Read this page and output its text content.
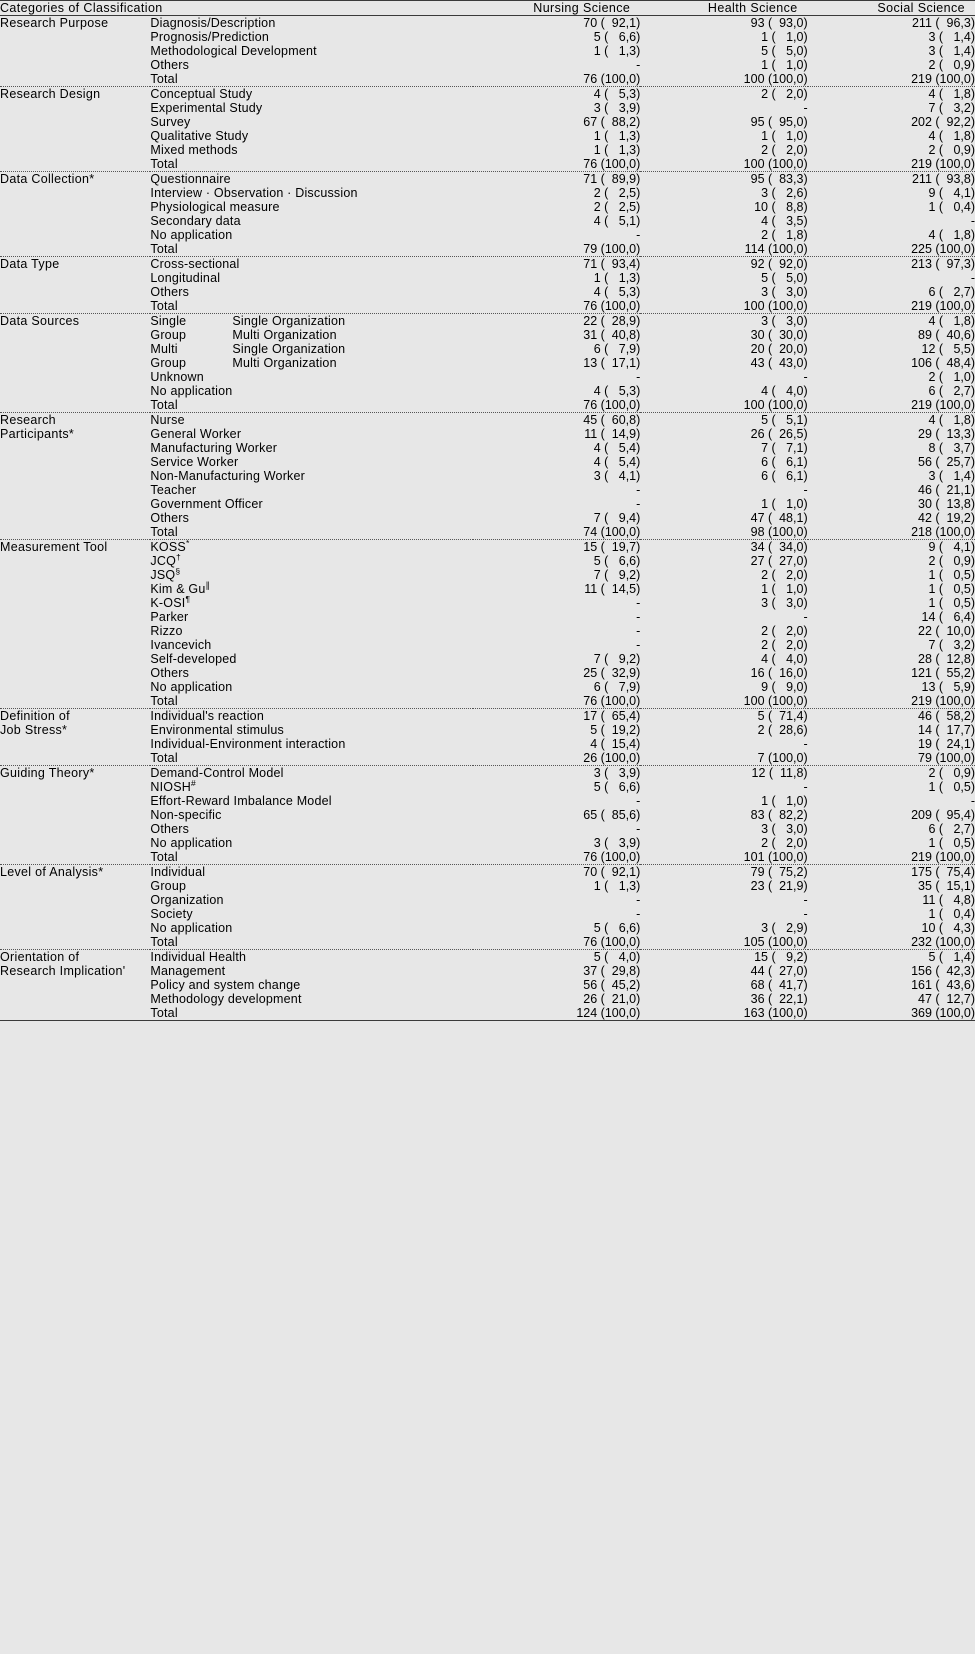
Categories of Classification		Nursing Science	Health Science	Social Science
Research Purpose	Diagnosis/Description	70 (  92,1)	93 (  93,0)	211 (  96,3)
	Prognosis/Prediction	5 (   6,6)	1 (   1,0)	3 (   1,4)
	Methodological Development	1 (   1,3)	5 (   5,0)	3 (   1,4)
	Others	-	1 (   1,0)	2 (   0,9)
	Total	76 (100,0)	100 (100,0)	219 (100,0)
Research Design	Conceptual Study	4 (   5,3)	2 (   2,0)	4 (   1,8)
	Experimental Study	3 (   3,9)	-	7 (   3,2)
	Survey	67 (  88,2)	95 (  95,0)	202 (  92,2)
	Qualitative Study	1 (   1,3)	1 (   1,0)	4 (   1,8)
	Mixed methods	1 (   1,3)	2 (   2,0)	2 (   0,9)
	Total	76 (100,0)	100 (100,0)	219 (100,0)
Data Collection*	Questionnaire	71 (  89,9)	95 (  83,3)	211 (  93,8)
	Interview · Observation · Discussion	2 (   2,5)	3 (   2,6)	9 (   4,1)
	Physiological measure	2 (   2,5)	10 (   8,8)	1 (   0,4)
	Secondary data	4 (   5,1)	4 (   3,5)	-
	No application	-	2 (   1,8)	4 (   1,8)
	Total	79 (100,0)	114 (100,0)	225 (100,0)
Data Type	Cross-sectional	71 (  93,4)	92 (  92,0)	213 (  97,3)
	Longitudinal	1 (   1,3)	5 (   5,0)	-
	Others	4 (   5,3)	3 (   3,0)	6 (   2,7)
	Total	76 (100,0)	100 (100,0)	219 (100,0)
Data Sources	Single Single Organization	22 (  28,9)	3 (   3,0)	4 (   1,8)
	Group Multi Organization	31 (  40,8)	30 (  30,0)	89 (  40,6)
	Multi Single Organization	6 (   7,9)	20 (  20,0)	12 (   5,5)
	Group Multi Organization	13 (  17,1)	43 (  43,0)	106 (  48,4)
	Unknown	-	-	2 (   1,0)
	No application	4 (   5,3)	4 (   4,0)	6 (   2,7)
	Total	76 (100,0)	100 (100,0)	219 (100,0)
Research	Nurse	45 (  60,8)	5 (   5,1)	4 (   1,8)
Participants*	General Worker	11 (  14,9)	26 (  26,5)	29 (  13,3)
	Manufacturing Worker	4 (   5,4)	7 (   7,1)	8 (   3,7)
	Service Worker	4 (   5,4)	6 (   6,1)	56 (  25,7)
	Non-Manufacturing Worker	3 (   4,1)	6 (   6,1)	3 (   1,4)
	Teacher	-	-	46 (  21,1)
	Government Officer	-	1 (   1,0)	30 (  13,8)
	Others	7 (   9,4)	47 (  48,1)	42 (  19,2)
	Total	74 (100,0)	98 (100,0)	218 (100,0)
Measurement Tool	KOSS*	15 (  19,7)	34 (  34,0)	9 (   4,1)
	JCQ†	5 (   6,6)	27 (  27,0)	2 (   0,9)
	JSQ§	7 (   9,2)	2 (   2,0)	1 (   0,5)
	Kim & Gu∥	11 (  14,5)	1 (   1,0)	1 (   0,5)
	K-OSI¶	-	3 (   3,0)	1 (   0,5)
	Parker	-	-	14 (   6,4)
	Rizzo	-	2 (   2,0)	22 (  10,0)
	Ivancevich	-	2 (   2,0)	7 (   3,2)
	Self-developed	7 (   9,2)	4 (   4,0)	28 (  12,8)
	Others	25 (  32,9)	16 (  16,0)	121 (  55,2)
	No application	6 (   7,9)	9 (   9,0)	13 (   5,9)
	Total	76 (100,0)	100 (100,0)	219 (100,0)
Definition of	Individual's reaction	17 (  65,4)	5 (  71,4)	46 (  58,2)
Job Stress*	Environmental stimulus	5 (  19,2)	2 (  28,6)	14 (  17,7)
	Individual-Environment interaction	4 (  15,4)	-	19 (  24,1)
	Total	26 (100,0)	7 (100,0)	79 (100,0)
Guiding Theory*	Demand-Control Model	3 (   3,9)	12 (  11,8)	2 (   0,9)
	NIOSH#	5 (   6,6)	-	1 (   0,5)
	Effort-Reward Imbalance Model	-	1 (   1,0)	-
	Non-specific	65 (  85,6)	83 (  82,2)	209 (  95,4)
	Others	-	3 (   3,0)	6 (   2,7)
	No application	3 (   3,9)	2 (   2,0)	1 (   0,5)
	Total	76 (100,0)	101 (100,0)	219 (100,0)
Level of Analysis*	Individual	70 (  92,1)	79 (  75,2)	175 (  75,4)
	Group	1 (   1,3)	23 (  21,9)	35 (  15,1)
	Organization	-	-	11 (   4,8)
	Society	-	-	1 (   0,4)
	No application	5 (   6,6)	3 (   2,9)	10 (   4,3)
	Total	76 (100,0)	105 (100,0)	232 (100,0)
Orientation of	Individual Health	5 (   4,0)	15 (   9,2)	5 (   1,4)
Research Implication'	Management	37 (  29,8)	44 (  27,0)	156 (  42,3)
	Policy and system change	56 (  45,2)	68 (  41,7)	161 (  43,6)
	Methodology development	26 (  21,0)	36 (  22,1)	47 (  12,7)
	Total	124 (100,0)	163 (100,0)	369 (100,0)
